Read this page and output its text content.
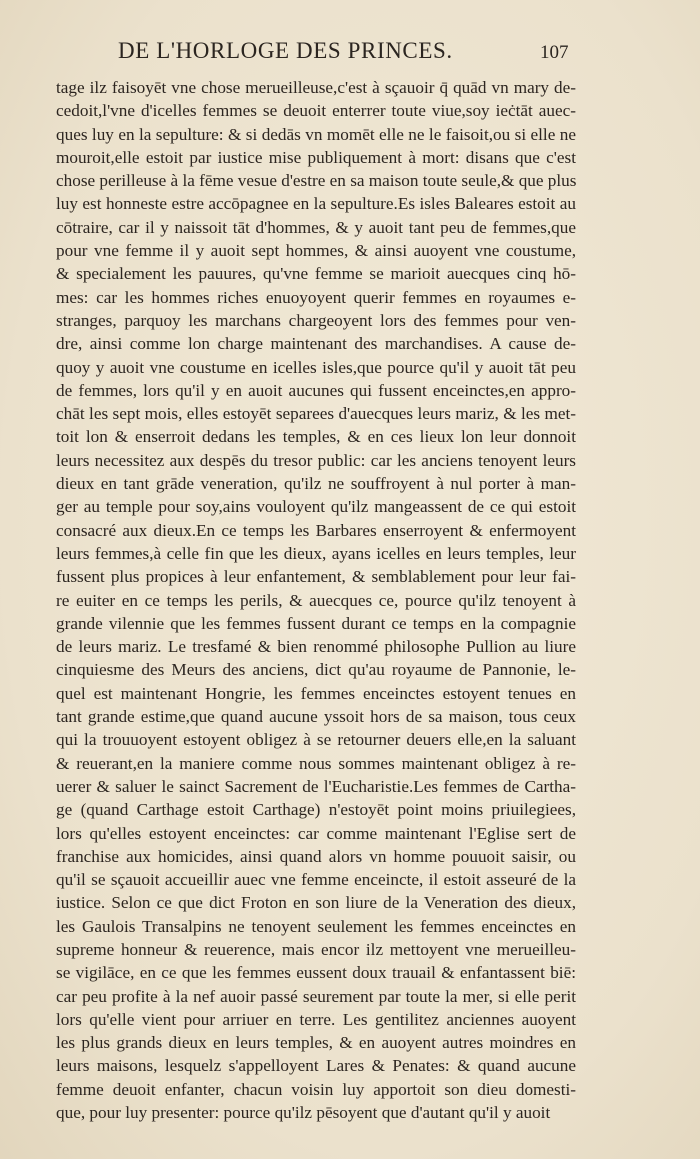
DE L'HORLOGE DES PRINCES.	107
tage ilz faisoyēt vne chose merueilleuse,c'est à sçauoir q̄ quād vn mary de-
cedoit,l'vne d'icelles femmes se deuoit enterrer toute viue,soy ieċtāt auec-
ques luy en la sepulture: & si dedās vn momēt elle ne le faisoit,ou si elle ne
mouroit,elle estoit par iustice mise publiquement à mort: disans que c'est
chose perilleuse à la fēme vesue d'estre en sa maison toute seule,& que plus
luy est honneste estre accōpagnee en la sepulture.Es isles Baleares estoit au
cōtraire, car il y naissoit tāt d'hommes, & y auoit tant peu de femmes,que
pour vne femme il y auoit sept hommes, & ainsi auoyent vne coustume,
& specialement les pauures, qu'vne femme se marioit auecques cinq hō-
mes: car les hommes riches enuoyoyent querir femmes en royaumes e-
stranges, parquoy les marchans chargeoyent lors des femmes pour ven-
dre, ainsi comme lon charge maintenant des marchandises. A cause de-
quoy y auoit vne coustume en icelles isles,que pource qu'il y auoit tāt peu
de femmes, lors qu'il y en auoit aucunes qui fussent enceinctes,en appro-
chāt les sept mois, elles estoyēt separees d'auecques leurs mariz, & les met-
toit lon & enserroit dedans les temples, & en ces lieux lon leur donnoit
leurs necessitez aux despēs du tresor public: car les anciens tenoyent leurs
dieux en tant grāde veneration, qu'ilz ne souffroyent à nul porter à man-
ger au temple pour soy,ains vouloyent qu'ilz mangeassent de ce qui estoit
consacré aux dieux.En ce temps les Barbares enserroyent & enfermoyent
leurs femmes,à celle fin que les dieux, ayans icelles en leurs temples, leur
fussent plus propices à leur enfantement, & semblablement pour leur fai-
re euiter en ce temps les perils, & auecques ce, pource qu'ilz tenoyent à
grande vilennie que les femmes fussent durant ce temps en la compagnie
de leurs mariz. Le tresfamé & bien renommé philosophe Pullion au liure
cinquiesme des Meurs des anciens, dict qu'au royaume de Pannonie, le-
quel est maintenant Hongrie, les femmes enceinctes estoyent tenues en
tant grande estime,que quand aucune yssoit hors de sa maison, tous ceux
qui la trouuoyent estoyent obligez à se retourner deuers elle,en la saluant
& reuerant,en la maniere comme nous sommes maintenant obligez à re-
uerer & saluer le sainct Sacrement de l'Eucharistie.Les femmes de Cartha-
ge (quand Carthage estoit Carthage) n'estoyēt point moins priuilegiees,
lors qu'elles estoyent enceinctes: car comme maintenant l'Eglise sert de
franchise aux homicides, ainsi quand alors vn homme pouuoit saisir, ou
qu'il se sçauoit accueillir auec vne femme enceincte, il estoit asseuré de la
iustice. Selon ce que dict Froton en son liure de la Veneration des dieux,
les Gaulois Transalpins ne tenoyent seulement les femmes enceinctes en
supreme honneur & reuerence, mais encor ilz mettoyent vne merueilleu-
se vigilāce, en ce que les femmes eussent doux trauail & enfantassent biē:
car peu profite à la nef auoir passé seurement par toute la mer, si elle perit
lors qu'elle vient pour arriuer en terre. Les gentilitez anciennes auoyent
les plus grands dieux en leurs temples, & en auoyent autres moindres en
leurs maisons, lesquelz s'appelloyent Lares & Penates: & quand aucune
femme deuoit enfanter, chacun voisin luy apportoit son dieu domesti-
que, pour luy presenter: pource qu'ilz pēsoyent que d'autant qu'il y auoit
